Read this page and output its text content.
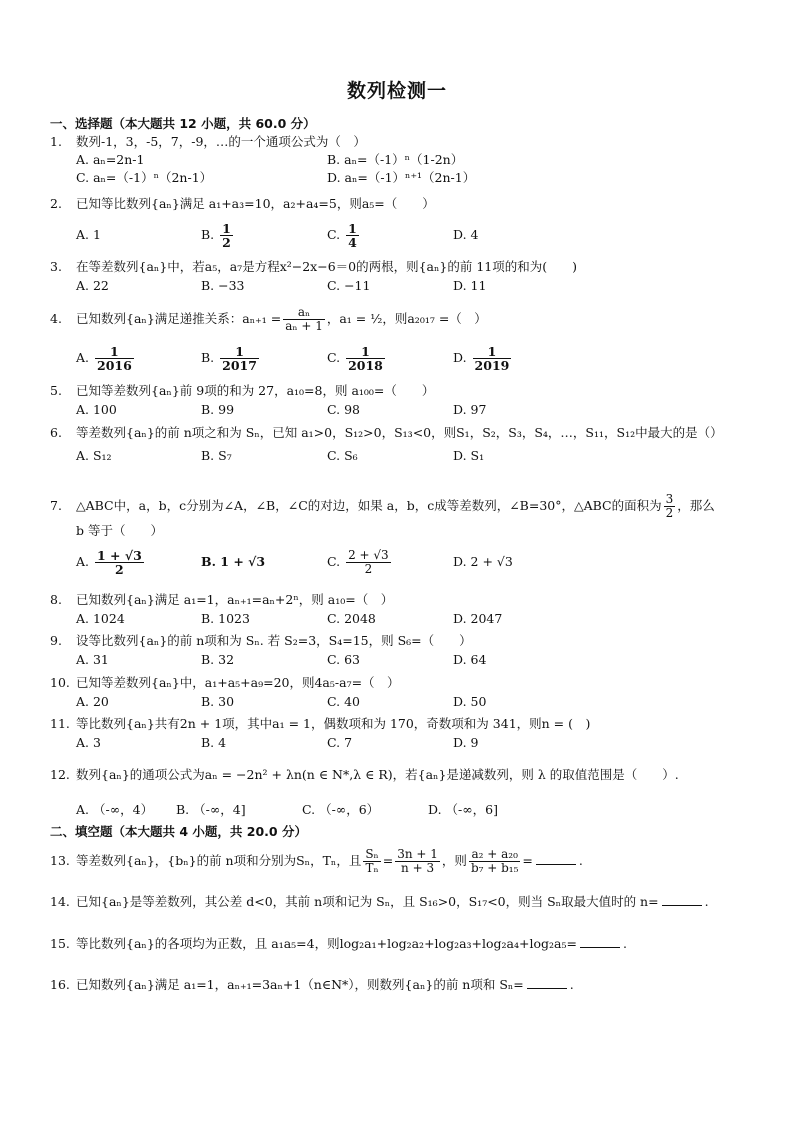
数列检测一
一、选择题（本大题共 12 小题，共 60.0 分）
1.	数列-1，3，-5，7，-9，…的一个通项公式为（　）
A. aₙ=2n-1	B. aₙ=（-1）ⁿ（1-2n）
C. aₙ=（-1）ⁿ（2n-1）	D. aₙ=（-1）ⁿ⁺¹（2n-1）
2.	已知等比数列{aₙ}满足 a₁+a₃=10，a₂+a₄=5，则a₅=（　　）
A. 1	B. $\frac{1}{2}$	C. $\frac{1}{4}$	D. 4
3.	在等差数列{aₙ}中，若a₅，a₇是方程x²−2x−6＝0的两根，则{aₙ}的前 11项的和为(　　)
A. 22	B. −33	C. −11	D. 11
4.	已知数列{aₙ}满足递推关系：$a_{n+1} = \frac{\text{aₙ}}{\text{aₙ + 1}}$ ，a₁ = ½，则a₂₀₁₇ =（　）
A. $\frac{1}{2016}$	B. $\frac{1}{2017}$	C. $\frac{1}{2018}$	D. $\frac{1}{2019}$
5.	已知等差数列{aₙ}前 9项的和为 27，a₁₀=8，则 a₁₀₀=（　　）
A. 100	B. 99	C. 98	D. 97
6.	等差数列{aₙ}的前 n项之和为 Sₙ，已知 a₁>0，S₁₂>0，S₁₃<0，则S₁，S₂，S₃，S₄，…，S₁₁，S₁₂中最大的是（）
A. S₁₂	B. S₇	C. S₆	D. S₁
7.	△ABC中，a，b，c分别为∠A，∠B，∠C的对边，如果 a，b，c成等差数列，∠B=30°，△ABC的面积为 $\frac{3}{2}$ ，那么
b 等于（　　）
A. $\frac{1 + √3}{2}$	B. 1 + √3	C. $\frac{2 + √3}{2}$	D. 2 + √3
8.	已知数列{aₙ}满足 a₁=1，aₙ₊₁=aₙ+2ⁿ，则 a₁₀=（　）
A. 1024	B. 1023	C. 2048	D. 2047
9.	设等比数列{aₙ}的前 n项和为 Sₙ. 若 S₂=3，S₄=15，则 S₆=（　　）
A. 31	B. 32	C. 63	D. 64
10. 已知等差数列{aₙ}中，a₁+a₅+a₉=20，则4a₅-a₇=（　）
A. 20	B. 30	C. 40	D. 50
11. 等比数列{aₙ}共有2n + 1项，其中a₁ = 1，偶数项和为 170，奇数项和为 341，则n = (　)
A. 3	B. 4	C. 7	D. 9
12. 数列{aₙ}的通项公式为aₙ = −2n² + λn(n ∈ N*,λ ∈ R)，若{aₙ}是递减数列，则 λ 的取值范围是（　　）.
A. （-∞，4） B. （-∞，4]	C. （-∞，6）	D. （-∞，6]
二、填空题（本大题共 4 小题，共 20.0 分）
13. 等差数列{aₙ}，{bₙ}的前 n项和分别为Sₙ，Tₙ，且 $\frac{\text{Sₙ}}{\text{Tₙ}} = \frac{3n + 1}{n + 3}$ ，则 $\frac{\text{a₂ + a₂₀}}{\text{b₇ + b₁₅}}$ =	.
14. 已知{aₙ}是等差数列，其公差 d<0，其前 n项和记为 Sₙ，且 S₁₆>0，S₁₇<0，则当 Sₙ取最大值时的 n=	.
15. 等比数列{aₙ}的各项均为正数，且 a₁a₅=4，则log₂a₁+log₂a₂+log₂a₃+log₂a₄+log₂a₅=	.
16. 已知数列{aₙ}满足 a₁=1，aₙ₊₁=3aₙ+1（n∈N*），则数列{aₙ}的前 n项和 Sₙ=	.
